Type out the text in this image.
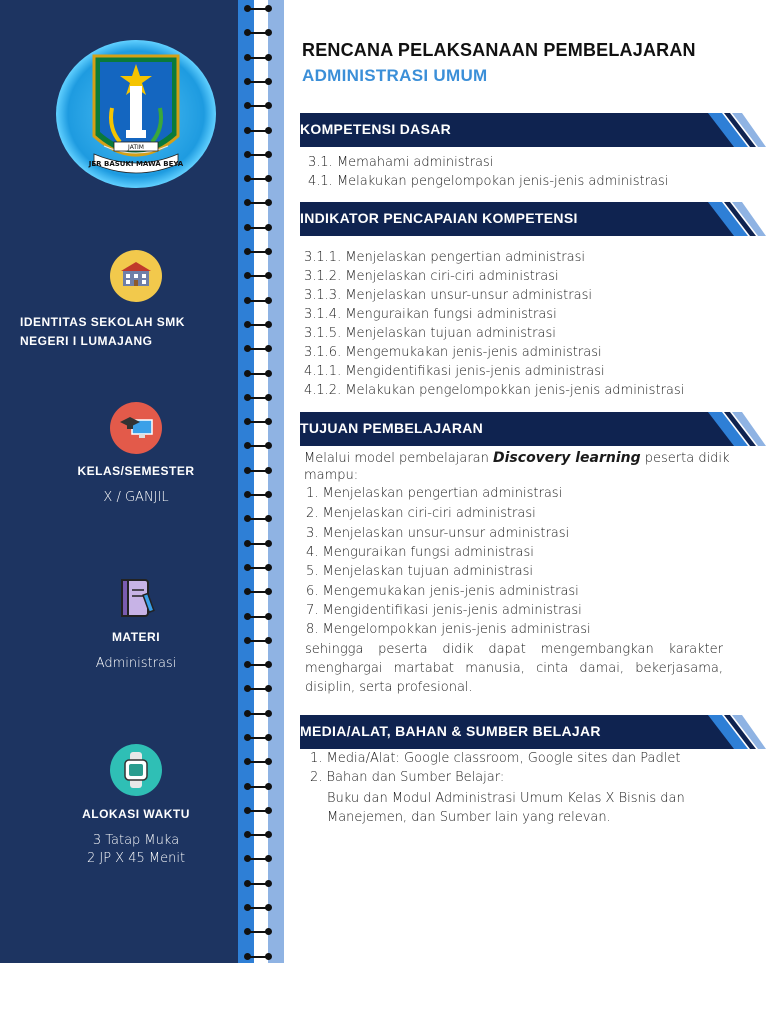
JATIM
JER BASUKI MAWA BEYA
IDENTITAS SEKOLAH SMK
NEGERI I LUMAJANG
KELAS/SEMESTER
X / GANJIL
MATERI
Administrasi
ALOKASI WAKTU
3 Tatap Muka
2 JP X 45 Menit
RENCANA PELAKSANAAN PEMBELAJARAN
ADMINISTRASI UMUM
KOMPETENSI DASAR
3.1. Memahami administrasi
4.1. Melakukan pengelompokan jenis-jenis administrasi
INDIKATOR PENCAPAIAN KOMPETENSI
3.1.1. Menjelaskan pengertian administrasi
3.1.2. Menjelaskan ciri-ciri administrasi
3.1.3. Menjelaskan unsur-unsur administrasi
3.1.4. Menguraikan fungsi administrasi
3.1.5. Menjelaskan tujuan administrasi
3.1.6. Mengemukakan jenis-jenis administrasi
4.1.1. Mengidentifikasi jenis-jenis administrasi
4.1.2. Melakukan pengelompokkan jenis-jenis administrasi
TUJUAN PEMBELAJARAN
Melalui model pembelajaran Discovery learning peserta didik
mampu:
1. Menjelaskan pengertian administrasi
2. Menjelaskan ciri-ciri administrasi
3. Menjelaskan unsur-unsur administrasi
4. Menguraikan fungsi administrasi
5. Menjelaskan tujuan administrasi
6. Mengemukakan jenis-jenis administrasi
7. Mengidentifikasi jenis-jenis administrasi
8. Mengelompokkan jenis-jenis administrasi
sehingga peserta didik dapat mengembangkan karakter menghargai martabat manusia, cinta damai, bekerjasama, disiplin, serta profesional.
MEDIA/ALAT, BAHAN & SUMBER BELAJAR
1. Media/Alat: Google classroom, Google sites dan Padlet
2. Bahan dan Sumber Belajar:
Buku dan Modul Administrasi Umum Kelas X Bisnis dan Manejemen, dan Sumber lain yang relevan.
